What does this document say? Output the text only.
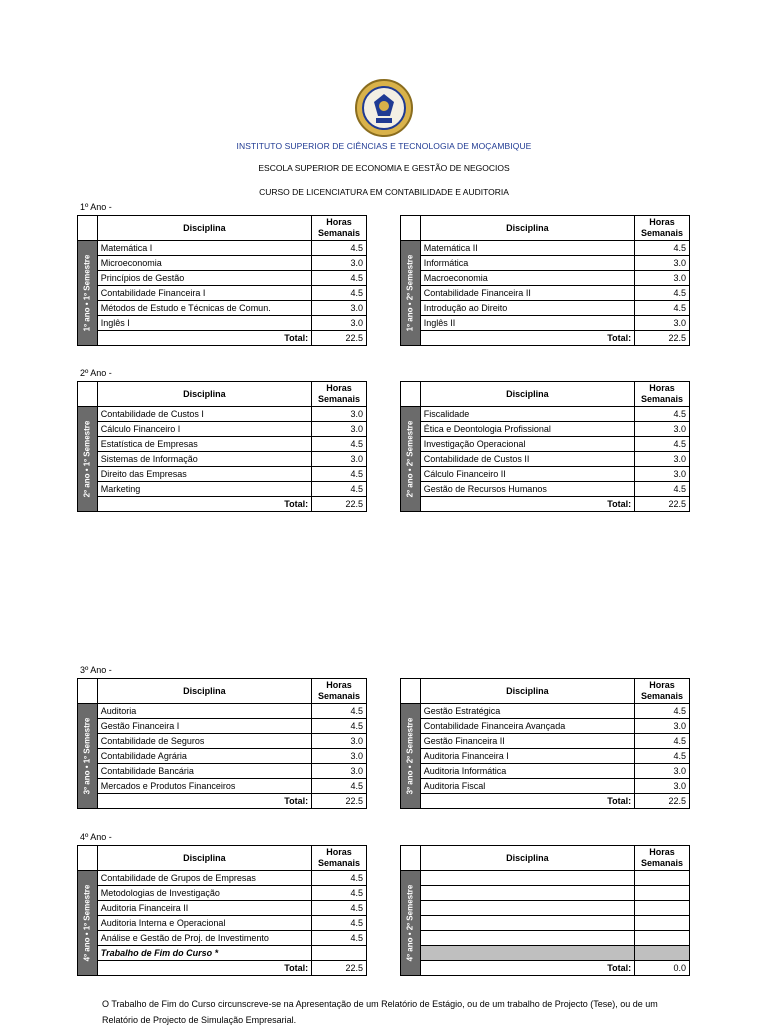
INSTITUTO SUPERIOR DE CIÊNCIAS E TECNOLOGIA DE MOÇAMBIQUE
ESCOLA SUPERIOR DE ECONOMIA E GESTÃO DE NEGOCIOS
CURSO DE LICENCIATURA EM CONTABILIDADE E AUDITORIA
1º Ano -
	Disciplina	Horas Semanais

1º ano • 1º Semestre	Matemática I	4.5
	Microeconomia	3.0
	Princípios de Gestão	4.5
	Contabilidade Financeira I	4.5
	Métodos de Estudo e Técnicas de Comun.	3.0
	Inglês I	3.0
	Total:	22.5
	Disciplina	Horas Semanais

1º ano • 2º Semestre	Matemática II	4.5
	Informática	3.0
	Macroeconomia	3.0
	Contabilidade Financeira II	4.5
	Introdução ao Direito	4.5
	Inglês II	3.0
	Total:	22.5
2º Ano -
	Disciplina	Horas Semanais

2º ano • 1º Semestre	Contabilidade de Custos I	3.0
	Cálculo Financeiro I	3.0
	Estatística de Empresas	4.5
	Sistemas de Informação	3.0
	Direito das Empresas	4.5
	Marketing	4.5
	Total:	22.5
	Disciplina	Horas Semanais

2º ano • 2º Semestre	Fiscalidade	4.5
	Ética e Deontologia Profissional	3.0
	Investigação Operacional	4.5
	Contabilidade de Custos II	3.0
	Cálculo Financeiro II	3.0
	Gestão de Recursos Humanos	4.5
	Total:	22.5
3º Ano -
	Disciplina	Horas Semanais

3º ano • 1º Semestre	Auditoria	4.5
	Gestão Financeira I	4.5
	Contabilidade de Seguros	3.0
	Contabilidade Agrária	3.0
	Contabilidade Bancária	3.0
	Mercados e Produtos Financeiros	4.5
	Total:	22.5
	Disciplina	Horas Semanais

3º ano • 2º Semestre	Gestão Estratégica	4.5
	Contabilidade Financeira Avançada	3.0
	Gestão Financeira II	4.5
	Auditoria Financeira I	4.5
	Auditoria Informática	3.0
	Auditoria Fiscal	3.0
	Total:	22.5
4º Ano -
	Disciplina	Horas Semanais

4º ano • 1º Semestre	Contabilidade de Grupos de Empresas	4.5
	Metodologias de Investigação	4.5
	Auditoria Financeira II	4.5
	Auditoria Interna e Operacional	4.5
	Análise e Gestão de Proj. de Investimento	4.5
	Trabalho de Fim do Curso *	
	Total:	22.5
	Disciplina	Horas Semanais

4º ano • 2º Semestre		

	Total:	0.0
O Trabalho de Fim do Curso circunscreve-se na Apresentação de um Relatório de Estágio, ou de um trabalho de Projecto (Tese), ou de um Relatório de Projecto de Simulação Empresarial.
